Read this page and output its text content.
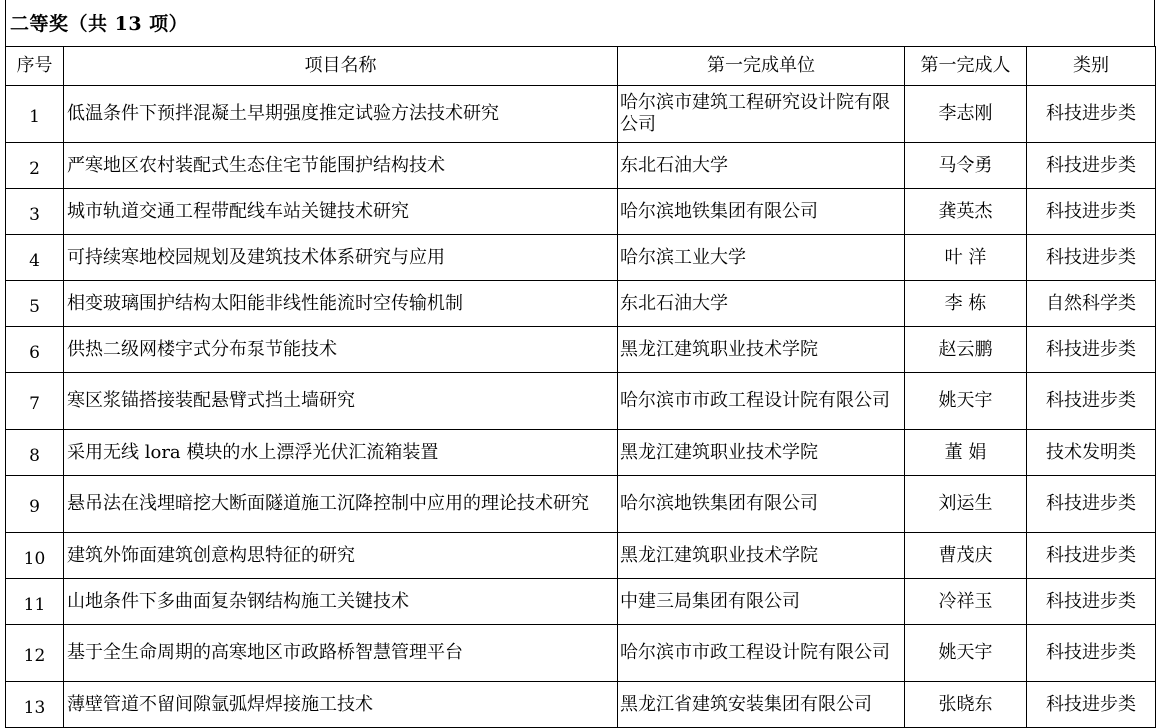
二等奖（共 13 项）
序号	项目名称	第一完成单位	第一完成人	类别
1	低温条件下预拌混凝土早期强度推定试验方法技术研究	哈尔滨市建筑工程研究设计院有限公司	李志刚	科技进步类
2	严寒地区农村装配式生态住宅节能围护结构技术	东北石油大学	马令勇	科技进步类
3	城市轨道交通工程带配线车站关键技术研究	哈尔滨地铁集团有限公司	龚英杰	科技进步类
4	可持续寒地校园规划及建筑技术体系研究与应用	哈尔滨工业大学	叶 洋	科技进步类
5	相变玻璃围护结构太阳能非线性能流时空传输机制	东北石油大学	李 栋	自然科学类
6	供热二级网楼宇式分布泵节能技术	黑龙江建筑职业技术学院	赵云鹏	科技进步类
7	寒区浆锚搭接装配悬臂式挡土墙研究	哈尔滨市市政工程设计院有限公司	姚天宇	科技进步类
8	采用无线 lora 模块的水上漂浮光伏汇流箱装置	黑龙江建筑职业技术学院	董 娟	技术发明类
9	悬吊法在浅埋暗挖大断面隧道施工沉降控制中应用的理论技术研究	哈尔滨地铁集团有限公司	刘运生	科技进步类
10	建筑外饰面建筑创意构思特征的研究	黑龙江建筑职业技术学院	曹茂庆	科技进步类
11	山地条件下多曲面复杂钢结构施工关键技术	中建三局集团有限公司	冷祥玉	科技进步类
12	基于全生命周期的高寒地区市政路桥智慧管理平台	哈尔滨市市政工程设计院有限公司	姚天宇	科技进步类
13	薄壁管道不留间隙氩弧焊焊接施工技术	黑龙江省建筑安装集团有限公司	张晓东	科技进步类
